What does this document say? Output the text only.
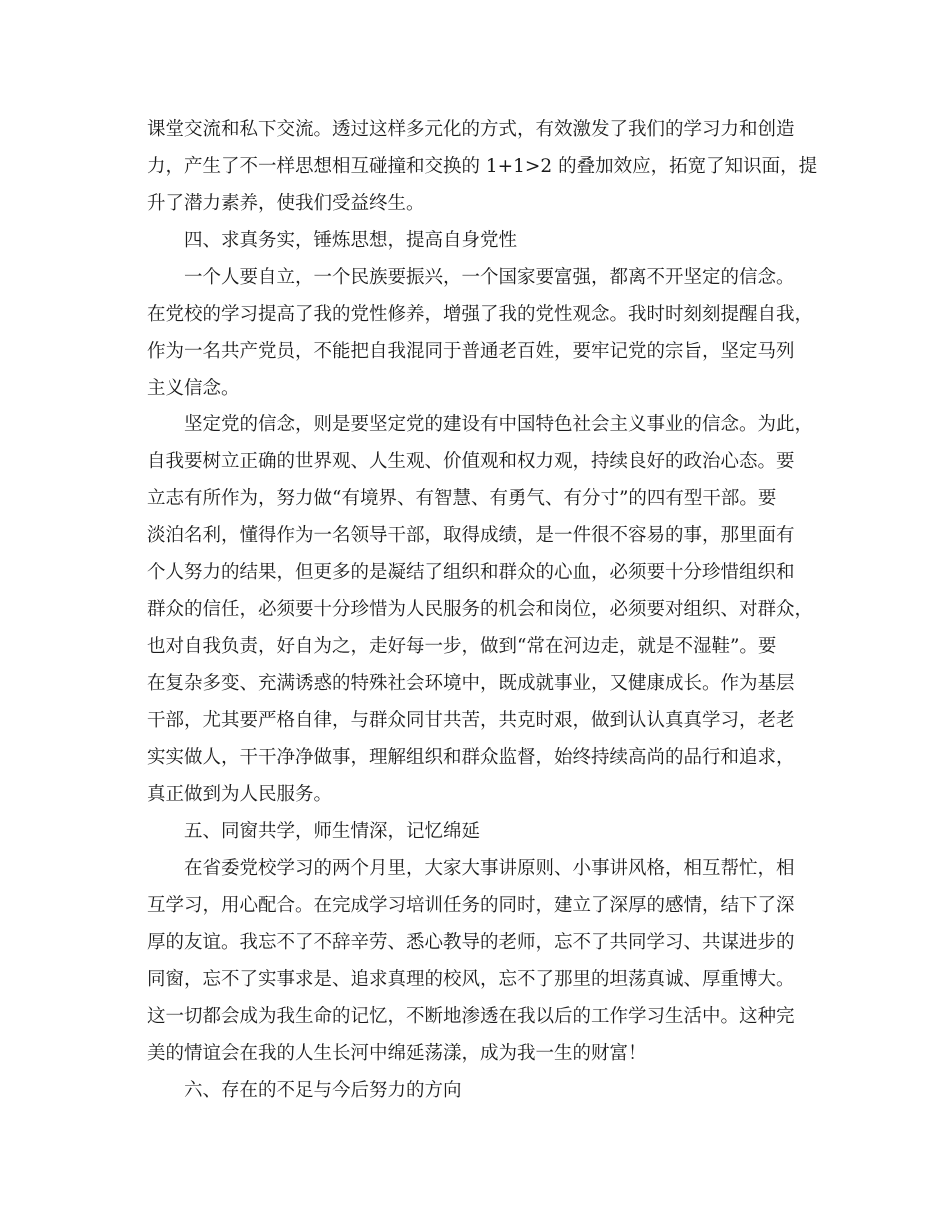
课堂交流和私下交流。透过这样多元化的方式，有效激发了我们的学习力和创造
力，产生了不一样思想相互碰撞和交换的 1+1>2 的叠加效应，拓宽了知识面，提
升了潜力素养，使我们受益终生。
四、求真务实，锤炼思想，提高自身党性
一个人要自立，一个民族要振兴，一个国家要富强，都离不开坚定的信念。
在党校的学习提高了我的党性修养，增强了我的党性观念。我时时刻刻提醒自我，
作为一名共产党员，不能把自我混同于普通老百姓，要牢记党的宗旨，坚定马列
主义信念。
坚定党的信念，则是要坚定党的建设有中国特色社会主义事业的信念。为此，
自我要树立正确的世界观、人生观、价值观和权力观，持续良好的政治心态。要
立志有所作为，努力做“有境界、有智慧、有勇气、有分寸”的四有型干部。要
淡泊名利，懂得作为一名领导干部，取得成绩，是一件很不容易的事，那里面有
个人努力的结果，但更多的是凝结了组织和群众的心血，必须要十分珍惜组织和
群众的信任，必须要十分珍惜为人民服务的机会和岗位，必须要对组织、对群众，
也对自我负责，好自为之，走好每一步，做到“常在河边走，就是不湿鞋”。要
在复杂多变、充满诱惑的特殊社会环境中，既成就事业，又健康成长。作为基层
干部，尤其要严格自律，与群众同甘共苦，共克时艰，做到认认真真学习，老老
实实做人，干干净净做事，理解组织和群众监督，始终持续高尚的品行和追求，
真正做到为人民服务。
五、同窗共学，师生情深，记忆绵延
在省委党校学习的两个月里，大家大事讲原则、小事讲风格，相互帮忙，相
互学习，用心配合。在完成学习培训任务的同时，建立了深厚的感情，结下了深
厚的友谊。我忘不了不辞辛劳、悉心教导的老师，忘不了共同学习、共谋进步的
同窗，忘不了实事求是、追求真理的校风，忘不了那里的坦荡真诚、厚重博大。
这一切都会成为我生命的记忆，不断地渗透在我以后的工作学习生活中。这种完
美的情谊会在我的人生长河中绵延荡漾，成为我一生的财富！
六、存在的不足与今后努力的方向
